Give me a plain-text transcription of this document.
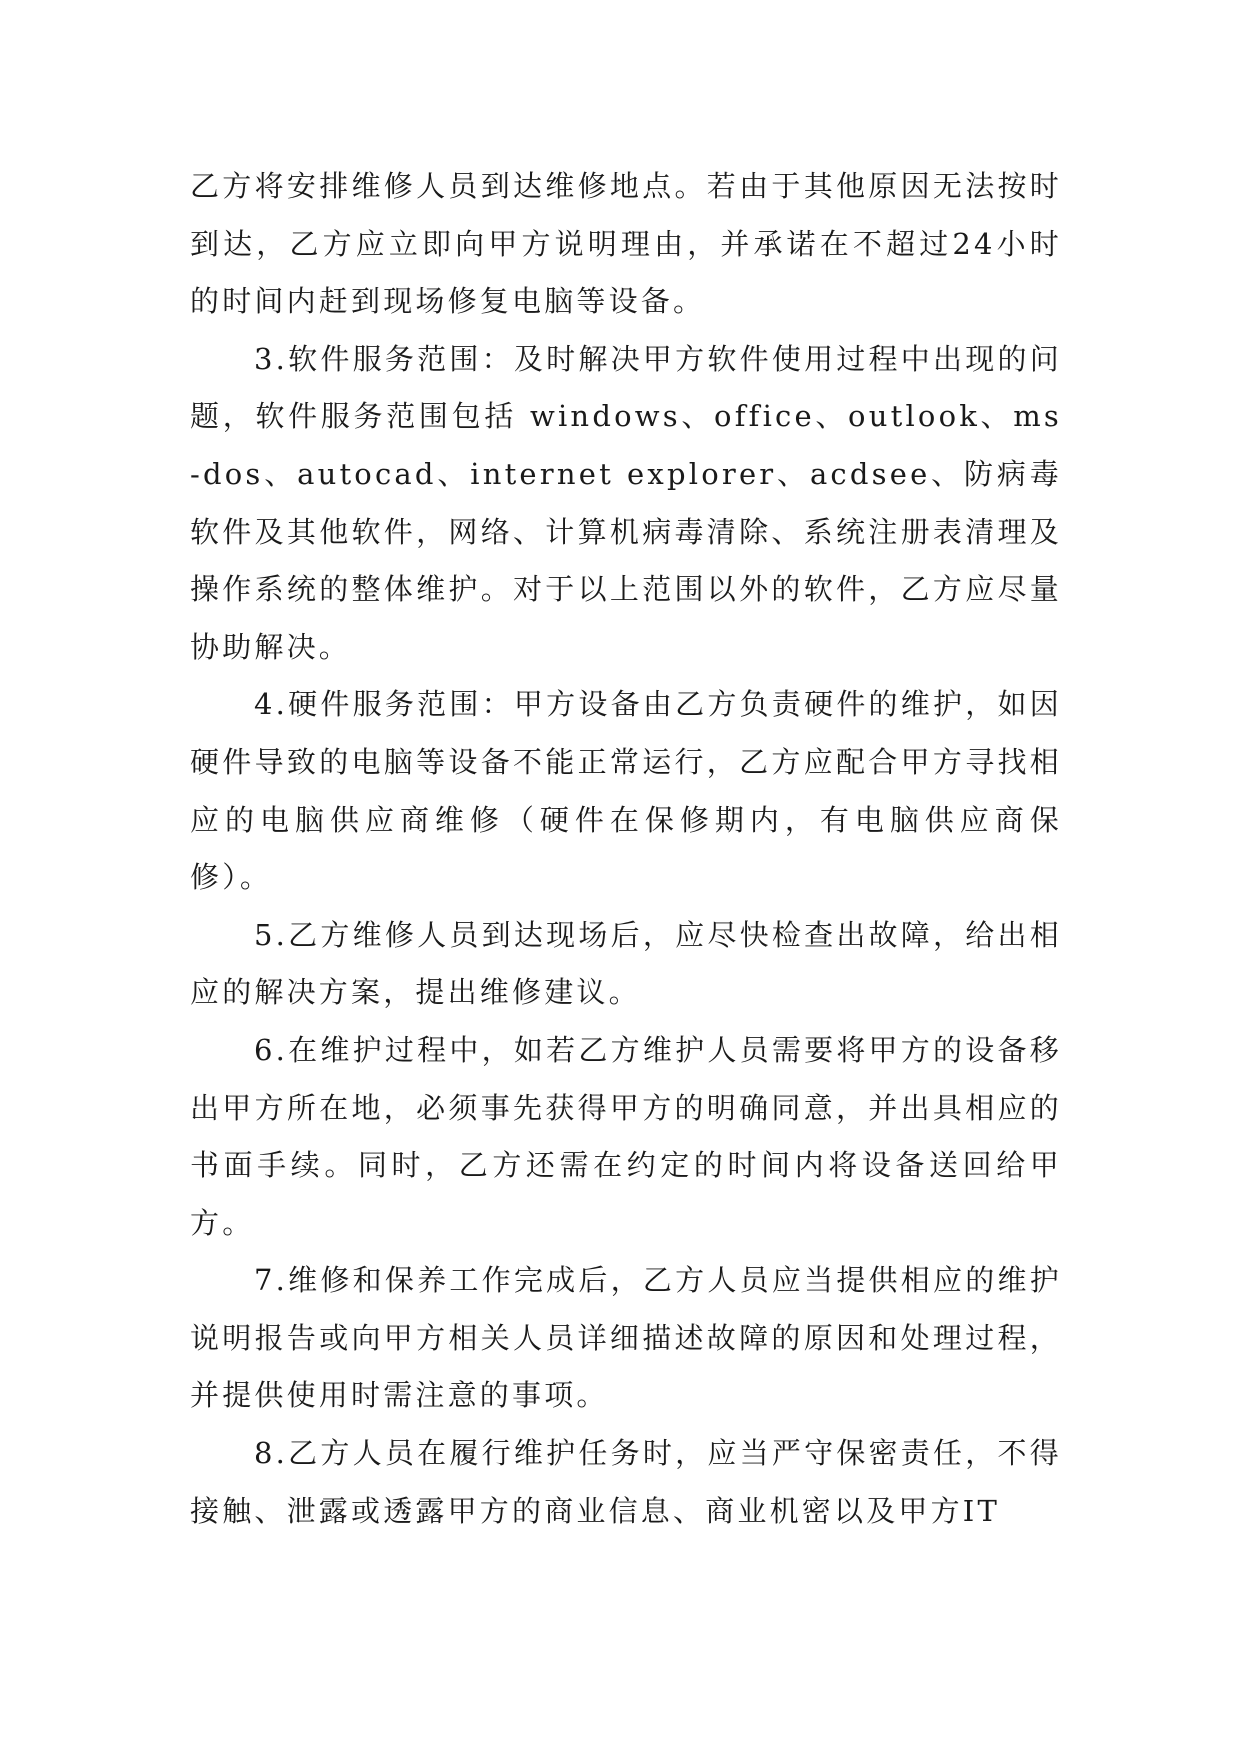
乙方将安排维修人员到达维修地点。若由于其他原因无法按时到达，乙方应立即向甲方说明理由，并承诺在不超过24小时的时间内赶到现场修复电脑等设备。

3.软件服务范围：及时解决甲方软件使用过程中出现的问题，软件服务范围包括 windows、office、outlook、ms-dos、autocad、internet explorer、acdsee、防病毒软件及其他软件，网络、计算机病毒清除、系统注册表清理及操作系统的整体维护。对于以上范围以外的软件，乙方应尽量协助解决。

4.硬件服务范围：甲方设备由乙方负责硬件的维护，如因硬件导致的电脑等设备不能正常运行，乙方应配合甲方寻找相应的电脑供应商维修（硬件在保修期内，有电脑供应商保修）。

5.乙方维修人员到达现场后，应尽快检查出故障，给出相应的解决方案，提出维修建议。

6.在维护过程中，如若乙方维护人员需要将甲方的设备移出甲方所在地，必须事先获得甲方的明确同意，并出具相应的书面手续。同时，乙方还需在约定的时间内将设备送回给甲方。

7.维修和保养工作完成后，乙方人员应当提供相应的维护说明报告或向甲方相关人员详细描述故障的原因和处理过程，并提供使用时需注意的事项。

8.乙方人员在履行维护任务时，应当严守保密责任，不得接触、泄露或透露甲方的商业信息、商业机密以及甲方IT
